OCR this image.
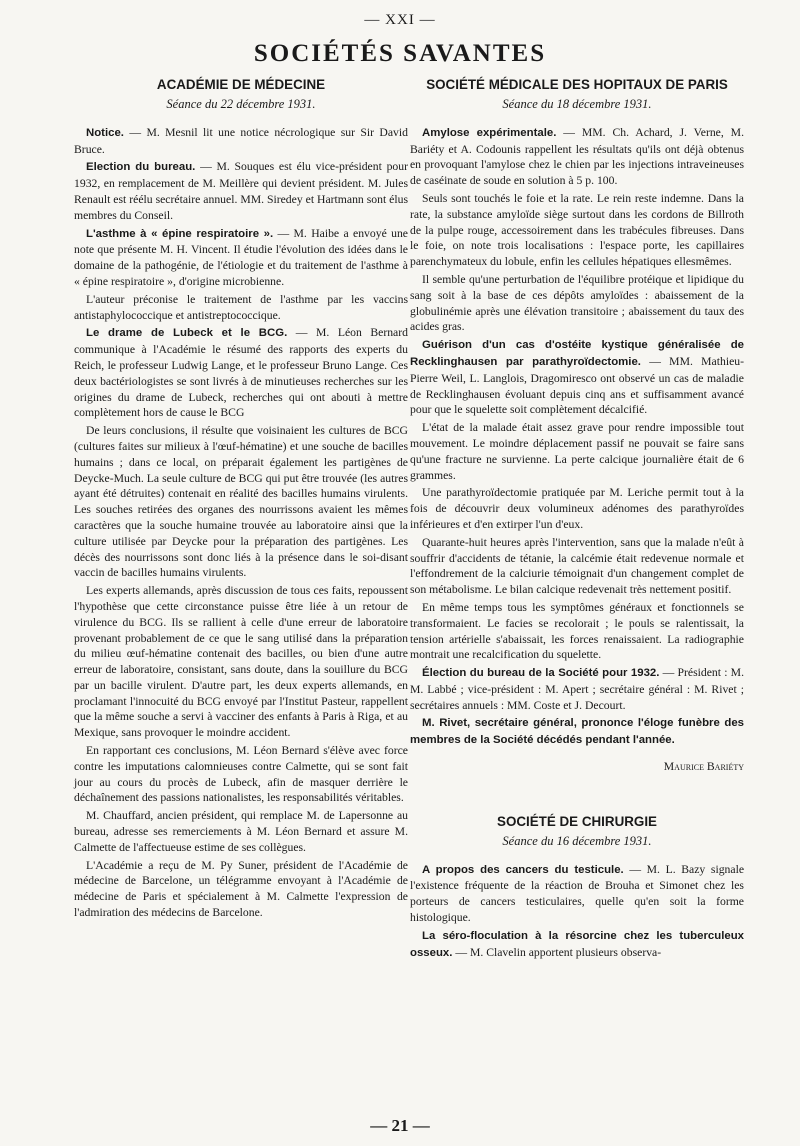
— XXI —
SOCIÉTÉS SAVANTES
ACADÉMIE DE MÉDECINE
Séance du 22 décembre 1931.

Notice. — M. Mesnil lit une notice nécrologique sur Sir David Bruce.

Election du bureau. — M. Souques est élu vice-président pour 1932, en remplacement de M. Meillère qui devient président. M. Jules Renault est réélu secrétaire annuel. MM. Siredey et Hartmann sont élus membres du Conseil.

L'asthme à « épine respiratoire ». — M. Haibe a envoyé une note que présente M. H. Vincent. Il étudie l'évolution des idées dans le domaine de la pathogénie, de l'étiologie et du traitement de l'asthme à « épine respiratoire », d'origine microbienne.

L'auteur préconise le traitement de l'asthme par les vaccins antistaphylococcique et antistreptococcique.

Le drame de Lubeck et le BCG. — M. Léon Bernard communique à l'Académie le résumé des rapports des experts du Reich, le professeur Ludwig Lange, et le professeur Bruno Lange. Ces deux bactériologistes se sont livrés à de minutieuses recherches sur les origines du drame de Lubeck, recherches qui ont abouti à mettre complètement hors de cause le BCG

De leurs conclusions, il résulte que voisinaient les cultures de BCG (cultures faites sur milieux à l'œuf-hématine) et une souche de bacilles humains ; dans ce local, on préparait également les partigènes de Deycke-Much. La seule culture de BCG qui put être trouvée (les autres ayant été détruites) contenait en réalité des bacilles humains virulents. Les souches retirées des organes des nourrissons avaient les mêmes caractères que la souche humaine trouvée au laboratoire ainsi que la culture utilisée par Deycke pour la préparation des partigènes. Les décès des nourrissons sont donc liés à la présence dans le soi-disant vaccin de bacilles humains virulents.

Les experts allemands, après discussion de tous ces faits, repoussent l'hypothèse que cette circonstance puisse être liée à un retour de virulence du BCG. Ils se rallient à celle d'une erreur de laboratoire provenant probablement de ce que le sang utilisé dans la préparation du milieu œuf-hématine contenait des bacilles, ou bien d'une autre erreur de laboratoire, consistant, sans doute, dans la souillure du BCG par un bacille virulent. D'autre part, les deux experts allemands, en proclamant l'innocuité du BCG envoyé par l'Institut Pasteur, rappellent que la même souche a servi à vacciner des enfants à Paris à Riga, et au Mexique, sans provoquer le moindre accident.

En rapportant ces conclusions, M. Léon Bernard s'élève avec force contre les imputations calomnieuses contre Calmette, qui se sont fait jour au cours du procès de Lubeck, afin de masquer derrière le déchaînement des passions nationalistes, les responsabilités véritables.

M. Chauffard, ancien président, qui remplace M. de Lapersonne au bureau, adresse ses remerciements à M. Léon Bernard et assure M. Calmette de l'affectueuse estime de ses collègues.

L'Académie a reçu de M. Py Suner, président de l'Académie de médecine de Barcelone, un télégramme envoyant à l'Académie de médecine de Paris et spécialement à M. Calmette l'expression de l'admiration des médecins de Barcelone.

SOCIÉTÉ MÉDICALE DES HOPITAUX DE PARIS
Séance du 18 décembre 1931.

Amylose expérimentale. — MM. Ch. Achard, J. Verne, M. Bariéty et A. Codounis rappellent les résultats qu'ils ont déjà obtenus en provoquant l'amylose chez le chien par les injections intraveineuses de caséinate de soude en solution à 5 p. 100.

Seuls sont touchés le foie et la rate. Le rein reste indemne. Dans la rate, la substance amyloïde siège surtout dans les cordons de Billroth de la pulpe rouge, accessoirement dans les trabécules fibreuses. Dans le foie, on note trois localisations : l'espace porte, les capillaires parenchymateux du lobule, enfin les cellules hépatiques ellesmêmes.

Il semble qu'une perturbation de l'équilibre protéique et lipidique du sang soit à la base de ces dépôts amyloïdes : abaissement de la globulinémie après une élévation transitoire ; abaissement du taux des acides gras.

Guérison d'un cas d'ostéite kystique généralisée de Recklinghausen par parathyroïdectomie. — MM. Mathieu-Pierre Weil, L. Langlois, Dragomiresco ont observé un cas de maladie de Recklinghausen évoluant depuis cinq ans et suffisamment avancé pour que le squelette soit complètement décalcifié.

L'état de la malade était assez grave pour rendre impossible tout mouvement. Le moindre déplacement passif ne pouvait se faire sans qu'une fracture ne survienne. La perte calcique journalière était de 6 grammes.

Une parathyroïdectomie pratiquée par M. Leriche permit tout à la fois de découvrir deux volumineux adénomes des parathyroïdes inférieures et d'en extirper l'un d'eux.

Quarante-huit heures après l'intervention, sans que la malade n'eût à souffrir d'accidents de tétanie, la calcémie était redevenue normale et l'effondrement de la calciurie témoignait d'un changement complet de son métabolisme. Le bilan calcique redevenait très nettement positif.

En même temps tous les symptômes généraux et fonctionnels se transformaient. Le facies se recolorait ; le pouls se ralentissait, la tension artérielle s'abaissait, les forces renaissaient. La radiographie montrait une recalcification du squelette.

Élection du bureau de la Société pour 1932. — Président : M. M. Labbé ; vice-président : M. Apert ; secrétaire général : M. Rivet ; secrétaires annuels : MM. Coste et J. Decourt.

M. Rivet, secrétaire général, prononce l'éloge funèbre des membres de la Société décédés pendant l'année.

Maurice Bariéty

SOCIÉTÉ DE CHIRURGIE
Séance du 16 décembre 1931.

A propos des cancers du testicule. — M. L. Bazy signale l'existence fréquente de la réaction de Brouha et Simonet chez les porteurs de cancers testiculaires, quelle qu'en soit la forme histologique.

La séro-floculation à la résorcine chez les tuberculeux osseux. — M. Clavelin apportent plusieurs observa-

— 21 —
